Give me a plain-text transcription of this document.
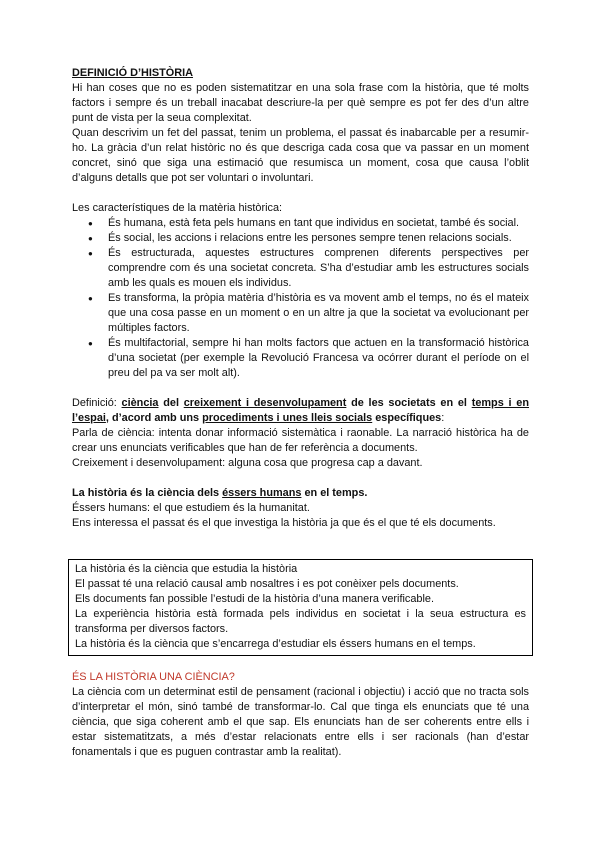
DEFINICIÓ D’HISTÒRIA

Hi han coses que no es poden sistematitzar en una sola frase com la història, que té molts factors i sempre és un treball inacabat descriure-la per què sempre es pot fer des d’un altre punt de vista per la seua complexitat.

Quan descrivim un fet del passat, tenim un problema, el passat és inabarcable per a resumir-ho. La gràcia d’un relat històric no és que descriga cada cosa que va passar en un moment concret, sinó que siga una estimació que resumisca un moment, cosa que causa l’oblit d’alguns detalls que pot ser voluntari o involuntari.

Les característiques de la matèria històrica:

● És humana, està feta pels humans en tant que individus en societat, també és social.
● És social, les accions i relacions entre les persones sempre tenen relacions socials.
● És estructurada, aquestes estructures comprenen diferents perspectives per comprendre com és una societat concreta. S’ha d’estudiar amb les estructures socials amb les quals es mouen els individus.
● Es transforma, la pròpia matèria d’història es va movent amb el temps, no és el mateix que una cosa passe en un moment o en un altre ja que la societat va evolucionant per múltiples factors.
● És multifactorial, sempre hi han molts factors que actuen en la transformació històrica d’una societat (per exemple la Revolució Francesa va ocórrer durant el període on el preu del pa va ser molt alt).

Definició: ciència del creixement i desenvolupament de les societats en el temps i en l’espai, d’acord amb uns procediments i unes lleis socials específiques:

Parla de ciència: intenta donar informació sistemàtica i raonable. La narració històrica ha de crear uns enunciats verificables que han de fer referència a documents.

Creixement i desenvolupament: alguna cosa que progresa cap a davant.

La història és la ciència dels éssers humans en el temps.

Éssers humans: el que estudiem és la humanitat.

Ens interessa el passat és el que investiga la història ja que és el que té els documents.

La història és la ciència que estudia la història

El passat té una relació causal amb nosaltres i es pot conèixer pels documents.

Els documents fan possible l’estudi de la història d’una manera verificable.

La experiència història està formada pels individus en societat i la seua estructura es transforma per diversos factors.

La història és la ciència que s’encarrega d’estudiar els éssers humans en el temps.

ÉS LA HISTÒRIA UNA CIÈNCIA?

La ciència com un determinat estil de pensament (racional i objectiu) i acció que no tracta sols d’interpretar el món, sinó també de transformar-lo. Cal que tinga els enunciats que té una ciència, que siga coherent amb el que sap. Els enunciats han de ser coherents entre ells i estar sistematitzats, a més d’estar relacionats entre ells i ser racionals (han d’estar fonamentals i que es puguen contrastar amb la realitat).
